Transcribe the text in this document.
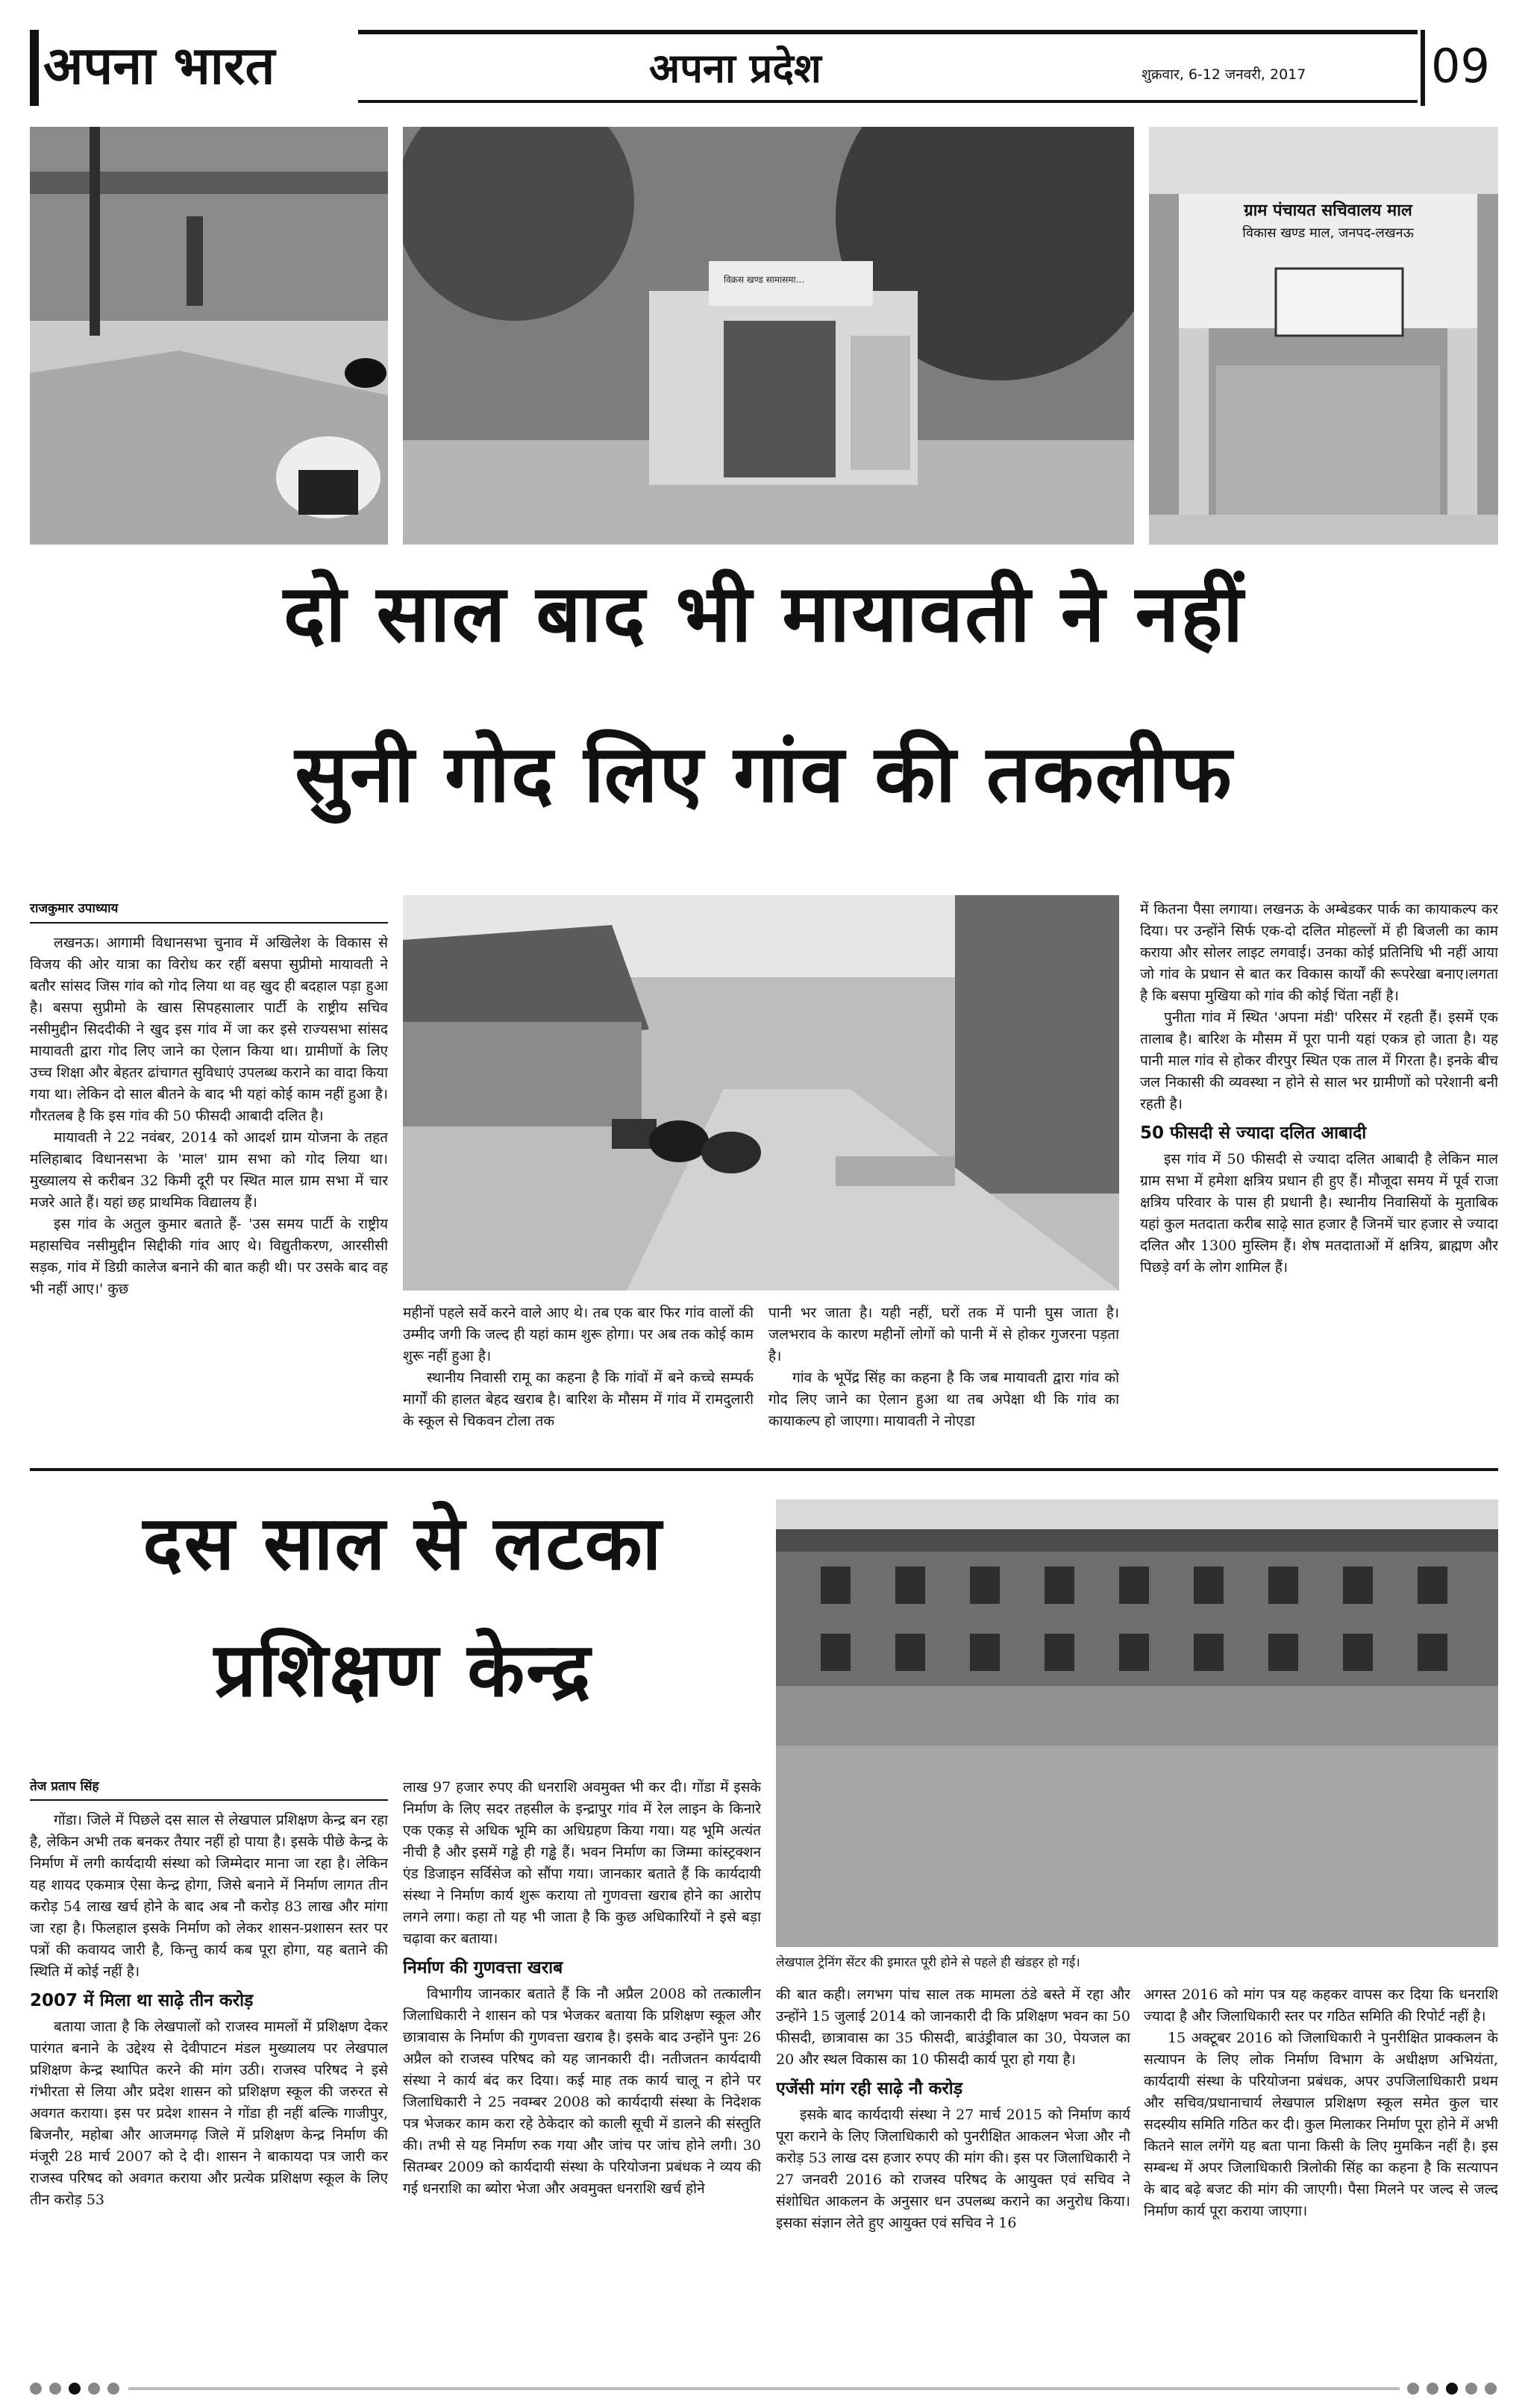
अपना भारत	अपना प्रदेश	शुक्रवार, 6-12 जनवरी, 2017	09
विक्रस खण्ड सामासमा...
ग्राम पंचायत सचिवालय माल
विकास खण्ड माल, जनपद-लखनऊ
दो साल बाद भी मायावती ने नहीं
सुनी गोद लिए गांव की तकलीफ
राजकुमार उपाध्याय

लखनऊ। आगामी विधानसभा चुनाव में अखिलेश के विकास से विजय की ओर यात्रा का विरोध कर रहीं बसपा सुप्रीमो मायावती ने बतौर सांसद जिस गांव को गोद लिया था वह खुद ही बदहाल पड़ा हुआ है। बसपा सुप्रीमो के खास सिपहसालार पार्टी के राष्ट्रीय सचिव नसीमुद्दीन सिददीकी ने खुद इस गांव में जा कर इसे राज्यसभा सांसद मायावती द्वारा गोद लिए जाने का ऐलान किया था। ग्रामीणों के लिए उच्च शिक्षा और बेहतर ढांचागत सुविधाएं उपलब्ध कराने का वादा किया गया था। लेकिन दो साल बीतने के बाद भी यहां कोई काम नहीं हुआ है। गौरतलब है कि इस गांव की 50 फीसदी आबादी दलित है।

मायावती ने 22 नवंबर, 2014 को आदर्श ग्राम योजना के तहत मलिहाबाद विधानसभा के 'माल' ग्राम सभा को गोद लिया था। मुख्यालय से करीबन 32 किमी दूरी पर स्थित माल ग्राम सभा में चार मजरे आते हैं। यहां छह प्राथमिक विद्यालय हैं।

इस गांव के अतुल कुमार बताते हैं- 'उस समय पार्टी के राष्ट्रीय महासचिव नसीमुद्दीन सिद्दीकी गांव आए थे। विद्युतीकरण, आरसीसी सड़क, गांव में डिग्री कालेज बनाने की बात कही थी। पर उसके बाद वह भी नहीं आए।' कुछ

महीनों पहले सर्वे करने वाले आए थे। तब एक बार फिर गांव वालों की उम्मीद जगी कि जल्द ही यहां काम शुरू होगा। पर अब तक कोई काम शुरू नहीं हुआ है।

स्थानीय निवासी रामू का कहना है कि गांवों में बने कच्चे सम्पर्क मार्गों की हालत बेहद खराब है। बारिश के मौसम में गांव में रामदुलारी के स्कूल से चिकवन टोला तक

पानी भर जाता है। यही नहीं, घरों तक में पानी घुस जाता है। जलभराव के कारण महीनों लोगों को पानी में से होकर गुजरना पड़ता है।

गांव के भूपेंद्र सिंह का कहना है कि जब मायावती द्वारा गांव को गोद लिए जाने का ऐलान हुआ था तब अपेक्षा थी कि गांव का कायाकल्प हो जाएगा। मायावती ने नोएडा

में कितना पैसा लगाया। लखनऊ के अम्बेडकर पार्क का कायाकल्प कर दिया। पर उन्होंने सिर्फ एक-दो दलित मोहल्लों में ही बिजली का काम कराया और सोलर लाइट लगवाई। उनका कोई प्रतिनिधि भी नहीं आया जो गांव के प्रधान से बात कर विकास कार्यों की रूपरेखा बनाए।लगता है कि बसपा मुखिया को गांव की कोई चिंता नहीं है।

पुनीता गांव में स्थित 'अपना मंडी' परिसर में रहती हैं। इसमें एक तालाब है। बारिश के मौसम में पूरा पानी यहां एकत्र हो जाता है। यह पानी माल गांव से होकर वीरपुर स्थित एक ताल में गिरता है। इनके बीच जल निकासी की व्यवस्था न होने से साल भर ग्रामीणों को परेशानी बनी रहती है।

50 फीसदी से ज्यादा दलित आबादी

इस गांव में 50 फीसदी से ज्यादा दलित आबादी है लेकिन माल ग्राम सभा में हमेशा क्षत्रिय प्रधान ही हुए हैं। मौजूदा समय में पूर्व राजा क्षत्रिय परिवार के पास ही प्रधानी है। स्थानीय निवासियों के मुताबिक यहां कुल मतदाता करीब साढ़े सात हजार है जिनमें चार हजार से ज्यादा दलित और 1300 मुस्लिम हैं। शेष मतदाताओं में क्षत्रिय, ब्राह्मण और पिछड़े वर्ग के लोग शामिल हैं।

दस साल से लटका
प्रशिक्षण केन्द्र
लेखपाल ट्रेनिंग सेंटर की इमारत पूरी होने से पहले ही खंडहर हो गई।
तेज प्रताप सिंह

गोंडा। जिले में पिछले दस साल से लेखपाल प्रशिक्षण केन्द्र बन रहा है, लेकिन अभी तक बनकर तैयार नहीं हो पाया है। इसके पीछे केन्द्र के निर्माण में लगी कार्यदायी संस्था को जिम्मेदार माना जा रहा है। लेकिन यह शायद एकमात्र ऐसा केन्द्र होगा, जिसे बनाने में निर्माण लागत तीन करोड़ 54 लाख खर्च होने के बाद अब नौ करोड़ 83 लाख और मांगा जा रहा है। फिलहाल इसके निर्माण को लेकर शासन-प्रशासन स्तर पर पत्रों की कवायद जारी है, किन्तु कार्य कब पूरा होगा, यह बताने की स्थिति में कोई नहीं है।

2007 में मिला था साढ़े तीन करोड़

बताया जाता है कि लेखपालों को राजस्व मामलों में प्रशिक्षण देकर पारंगत बनाने के उद्देश्य से देवीपाटन मंडल मुख्यालय पर लेखपाल प्रशिक्षण केन्द्र स्थापित करने की मांग उठी। राजस्व परिषद ने इसे गंभीरता से लिया और प्रदेश शासन को प्रशिक्षण स्कूल की जरुरत से अवगत कराया। इस पर प्रदेश शासन ने गोंडा ही नहीं बल्कि गाजीपुर, बिजनौर, महोबा और आजमगढ़ जिले में प्रशिक्षण केन्द्र निर्माण की मंजूरी 28 मार्च 2007 को दे दी। शासन ने बाकायदा पत्र जारी कर राजस्व परिषद को अवगत कराया और प्रत्येक प्रशिक्षण स्कूल के लिए तीन करोड़ 53

लाख 97 हजार रुपए की धनराशि अवमुक्त भी कर दी। गोंडा में इसके निर्माण के लिए सदर तहसील के इन्द्रापुर गांव में रेल लाइन के किनारे एक एकड़ से अधिक भूमि का अधिग्रहण किया गया। यह भूमि अत्यंत नीची है और इसमें गड्ढे ही गड्ढे हैं। भवन निर्माण का जिम्मा कांस्ट्रक्शन एंड डिजाइन सर्विसेज को सौंपा गया। जानकार बताते हैं कि कार्यदायी संस्था ने निर्माण कार्य शुरू कराया तो गुणवत्ता खराब होने का आरोप लगने लगा। कहा तो यह भी जाता है कि कुछ अधिकारियों ने इसे बड़ा चढ़ावा कर बताया।

निर्माण की गुणवत्ता खराब

विभागीय जानकार बताते हैं कि नौ अप्रैल 2008 को तत्कालीन जिलाधिकारी ने शासन को पत्र भेजकर बताया कि प्रशिक्षण स्कूल और छात्रावास के निर्माण की गुणवत्ता खराब है। इसके बाद उन्होंने पुनः 26 अप्रैल को राजस्व परिषद को यह जानकारी दी। नतीजतन कार्यदायी संस्था ने कार्य बंद कर दिया। कई माह तक कार्य चालू न होने पर जिलाधिकारी ने 25 नवम्बर 2008 को कार्यदायी संस्था के निदेशक पत्र भेजकर काम करा रहे ठेकेदार को काली सूची में डालने की संस्तुति की। तभी से यह निर्माण रुक गया और जांच पर जांच होने लगी। 30 सितम्बर 2009 को कार्यदायी संस्था के परियोजना प्रबंधक ने व्यय की गई धनराशि का ब्योरा भेजा और अवमुक्त धनराशि खर्च होने

की बात कही। लगभग पांच साल तक मामला ठंडे बस्ते में रहा और उन्होंने 15 जुलाई 2014 को जानकारी दी कि प्रशिक्षण भवन का 50 फीसदी, छात्रावास का 35 फीसदी, बाउंड्रीवाल का 30, पेयजल का 20 और स्थल विकास का 10 फीसदी कार्य पूरा हो गया है।

एजेंसी मांग रही साढ़े नौ करोड़

इसके बाद कार्यदायी संस्था ने 27 मार्च 2015 को निर्माण कार्य पूरा कराने के लिए जिलाधिकारी को पुनरीक्षित आकलन भेजा और नौ करोड़ 53 लाख दस हजार रुपए की मांग की। इस पर जिलाधिकारी ने 27 जनवरी 2016 को राजस्व परिषद के आयुक्त एवं सचिव ने संशोधित आकलन के अनुसार धन उपलब्ध कराने का अनुरोध किया। इसका संज्ञान लेते हुए आयुक्त एवं सचिव ने 16

अगस्त 2016 को मांग पत्र यह कहकर वापस कर दिया कि धनराशि ज्यादा है और जिलाधिकारी स्तर पर गठित समिति की रिपोर्ट नहीं है।

15 अक्टूबर 2016 को जिलाधिकारी ने पुनरीक्षित प्राक्कलन के सत्यापन के लिए लोक निर्माण विभाग के अधीक्षण अभियंता, कार्यदायी संस्था के परियोजना प्रबंधक, अपर उपजिलाधिकारी प्रथम और सचिव/प्रधानाचार्य लेखपाल प्रशिक्षण स्कूल समेत कुल चार सदस्यीय समिति गठित कर दी। कुल मिलाकर निर्माण पूरा होने में अभी कितने साल लगेंगे यह बता पाना किसी के लिए मुमकिन नहीं है। इस सम्बन्ध में अपर जिलाधिकारी त्रिलोकी सिंह का कहना है कि सत्यापन के बाद बढ़े बजट की मांग की जाएगी। पैसा मिलने पर जल्द से जल्द निर्माण कार्य पूरा कराया जाएगा।
